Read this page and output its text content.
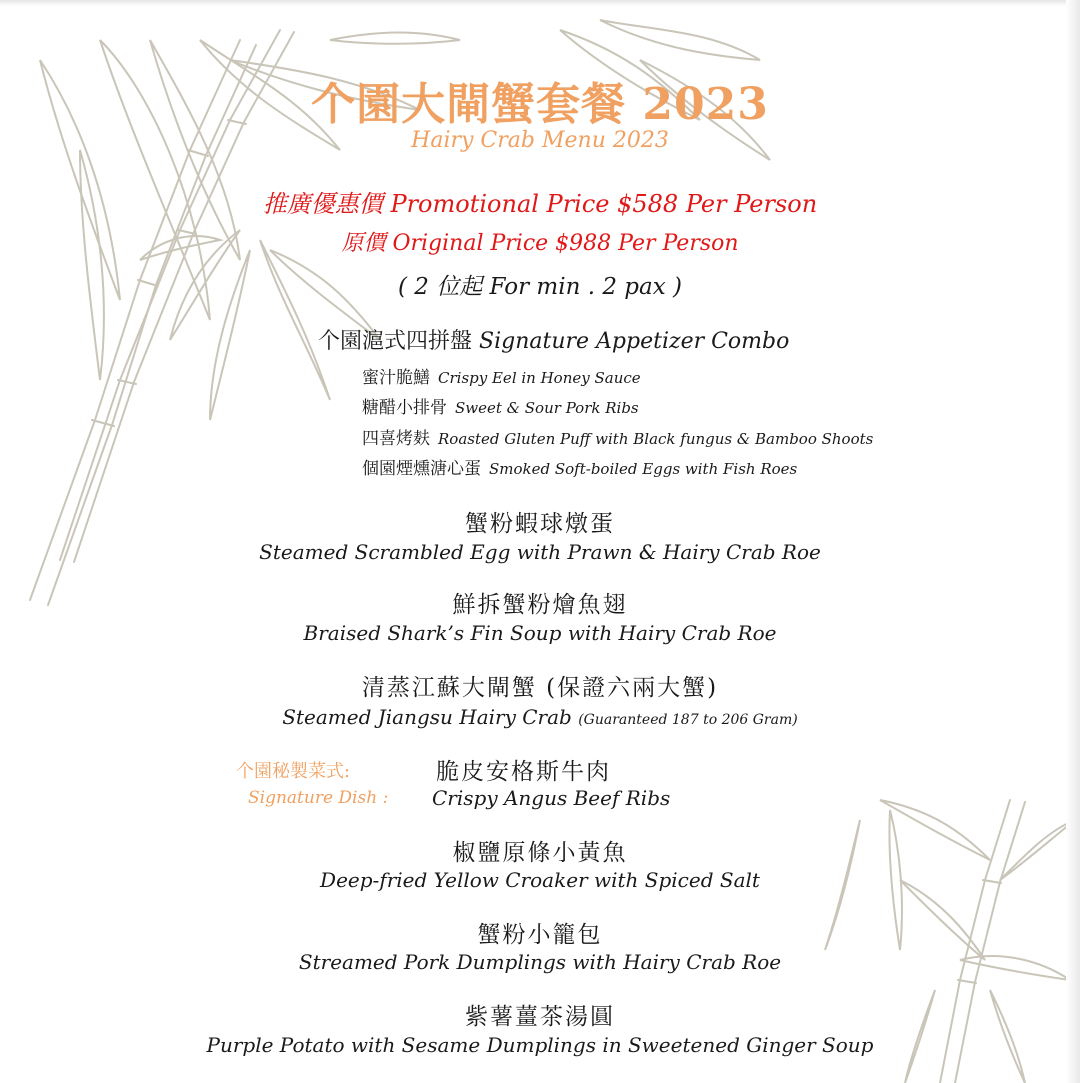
个園大閘蟹套餐 2023
Hairy Crab Menu 2023
推廣優惠價 Promotional Price $588 Per Person
原價 Original Price $988 Per Person
( 2 位起 For min . 2 pax )
个園滬式四拼盤 Signature Appetizer Combo
蜜汁脆鱔 Crispy Eel in Honey Sauce
糖醋小排骨 Sweet & Sour Pork Ribs
四喜烤麸 Roasted Gluten Puff with Black fungus & Bamboo Shoots
個園煙燻溏心蛋 Smoked Soft-boiled Eggs with Fish Roes
蟹粉蝦球燉蛋
Steamed Scrambled Egg with Prawn & Hairy Crab Roe
鮮拆蟹粉燴魚翅
Braised Shark’s Fin Soup with Hairy Crab Roe
清蒸江蘇大閘蟹 (保證六兩大蟹)
Steamed Jiangsu Hairy Crab (Guaranteed 187 to 206 Gram)
个園秘製菜式:
Signature Dish :
脆皮安格斯牛肉
Crispy Angus Beef Ribs
椒鹽原條小黃魚
Deep-fried Yellow Croaker with Spiced Salt
蟹粉小籠包
Streamed Pork Dumplings with Hairy Crab Roe
紫薯薑茶湯圓
Purple Potato with Sesame Dumplings in Sweetened Ginger Soup
